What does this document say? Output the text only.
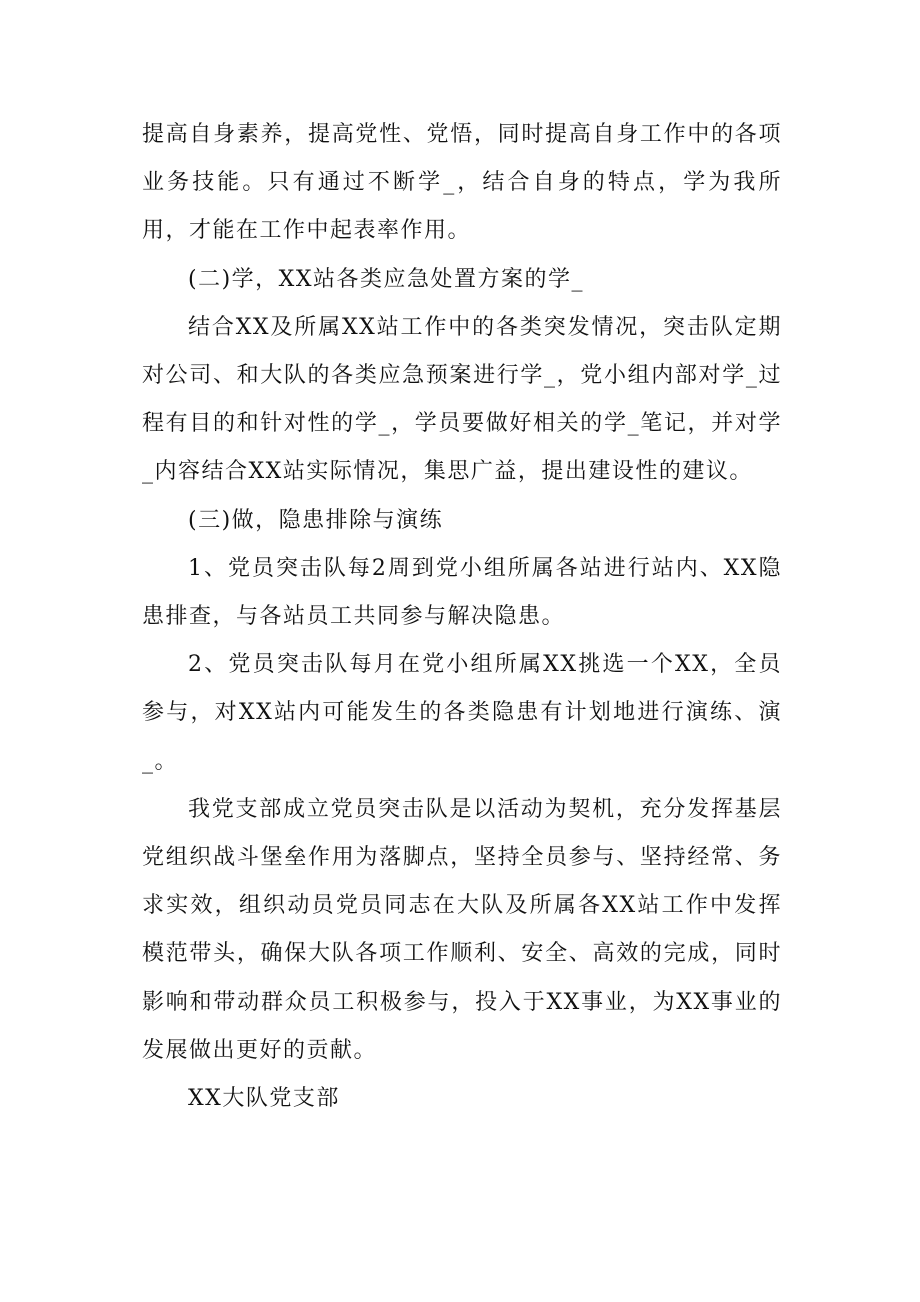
提高自身素养，提高党性、党悟，同时提高自身工作中的各项业务技能。只有通过不断学_，结合自身的特点，学为我所用，才能在工作中起表率作用。

(二)学，XX站各类应急处置方案的学_

结合XX及所属XX站工作中的各类突发情况，突击队定期对公司、和大队的各类应急预案进行学_，党小组内部对学_过程有目的和针对性的学_，学员要做好相关的学_笔记，并对学_内容结合XX站实际情况，集思广益，提出建设性的建议。

(三)做，隐患排除与演练

1、党员突击队每2周到党小组所属各站进行站内、XX隐患排查，与各站员工共同参与解决隐患。

2、党员突击队每月在党小组所属XX挑选一个XX，全员参与，对XX站内可能发生的各类隐患有计划地进行演练、演_。

我党支部成立党员突击队是以活动为契机，充分发挥基层党组织战斗堡垒作用为落脚点，坚持全员参与、坚持经常、务求实效，组织动员党员同志在大队及所属各XX站工作中发挥模范带头，确保大队各项工作顺利、安全、高效的完成，同时影响和带动群众员工积极参与，投入于XX事业，为XX事业的发展做出更好的贡献。

XX大队党支部
